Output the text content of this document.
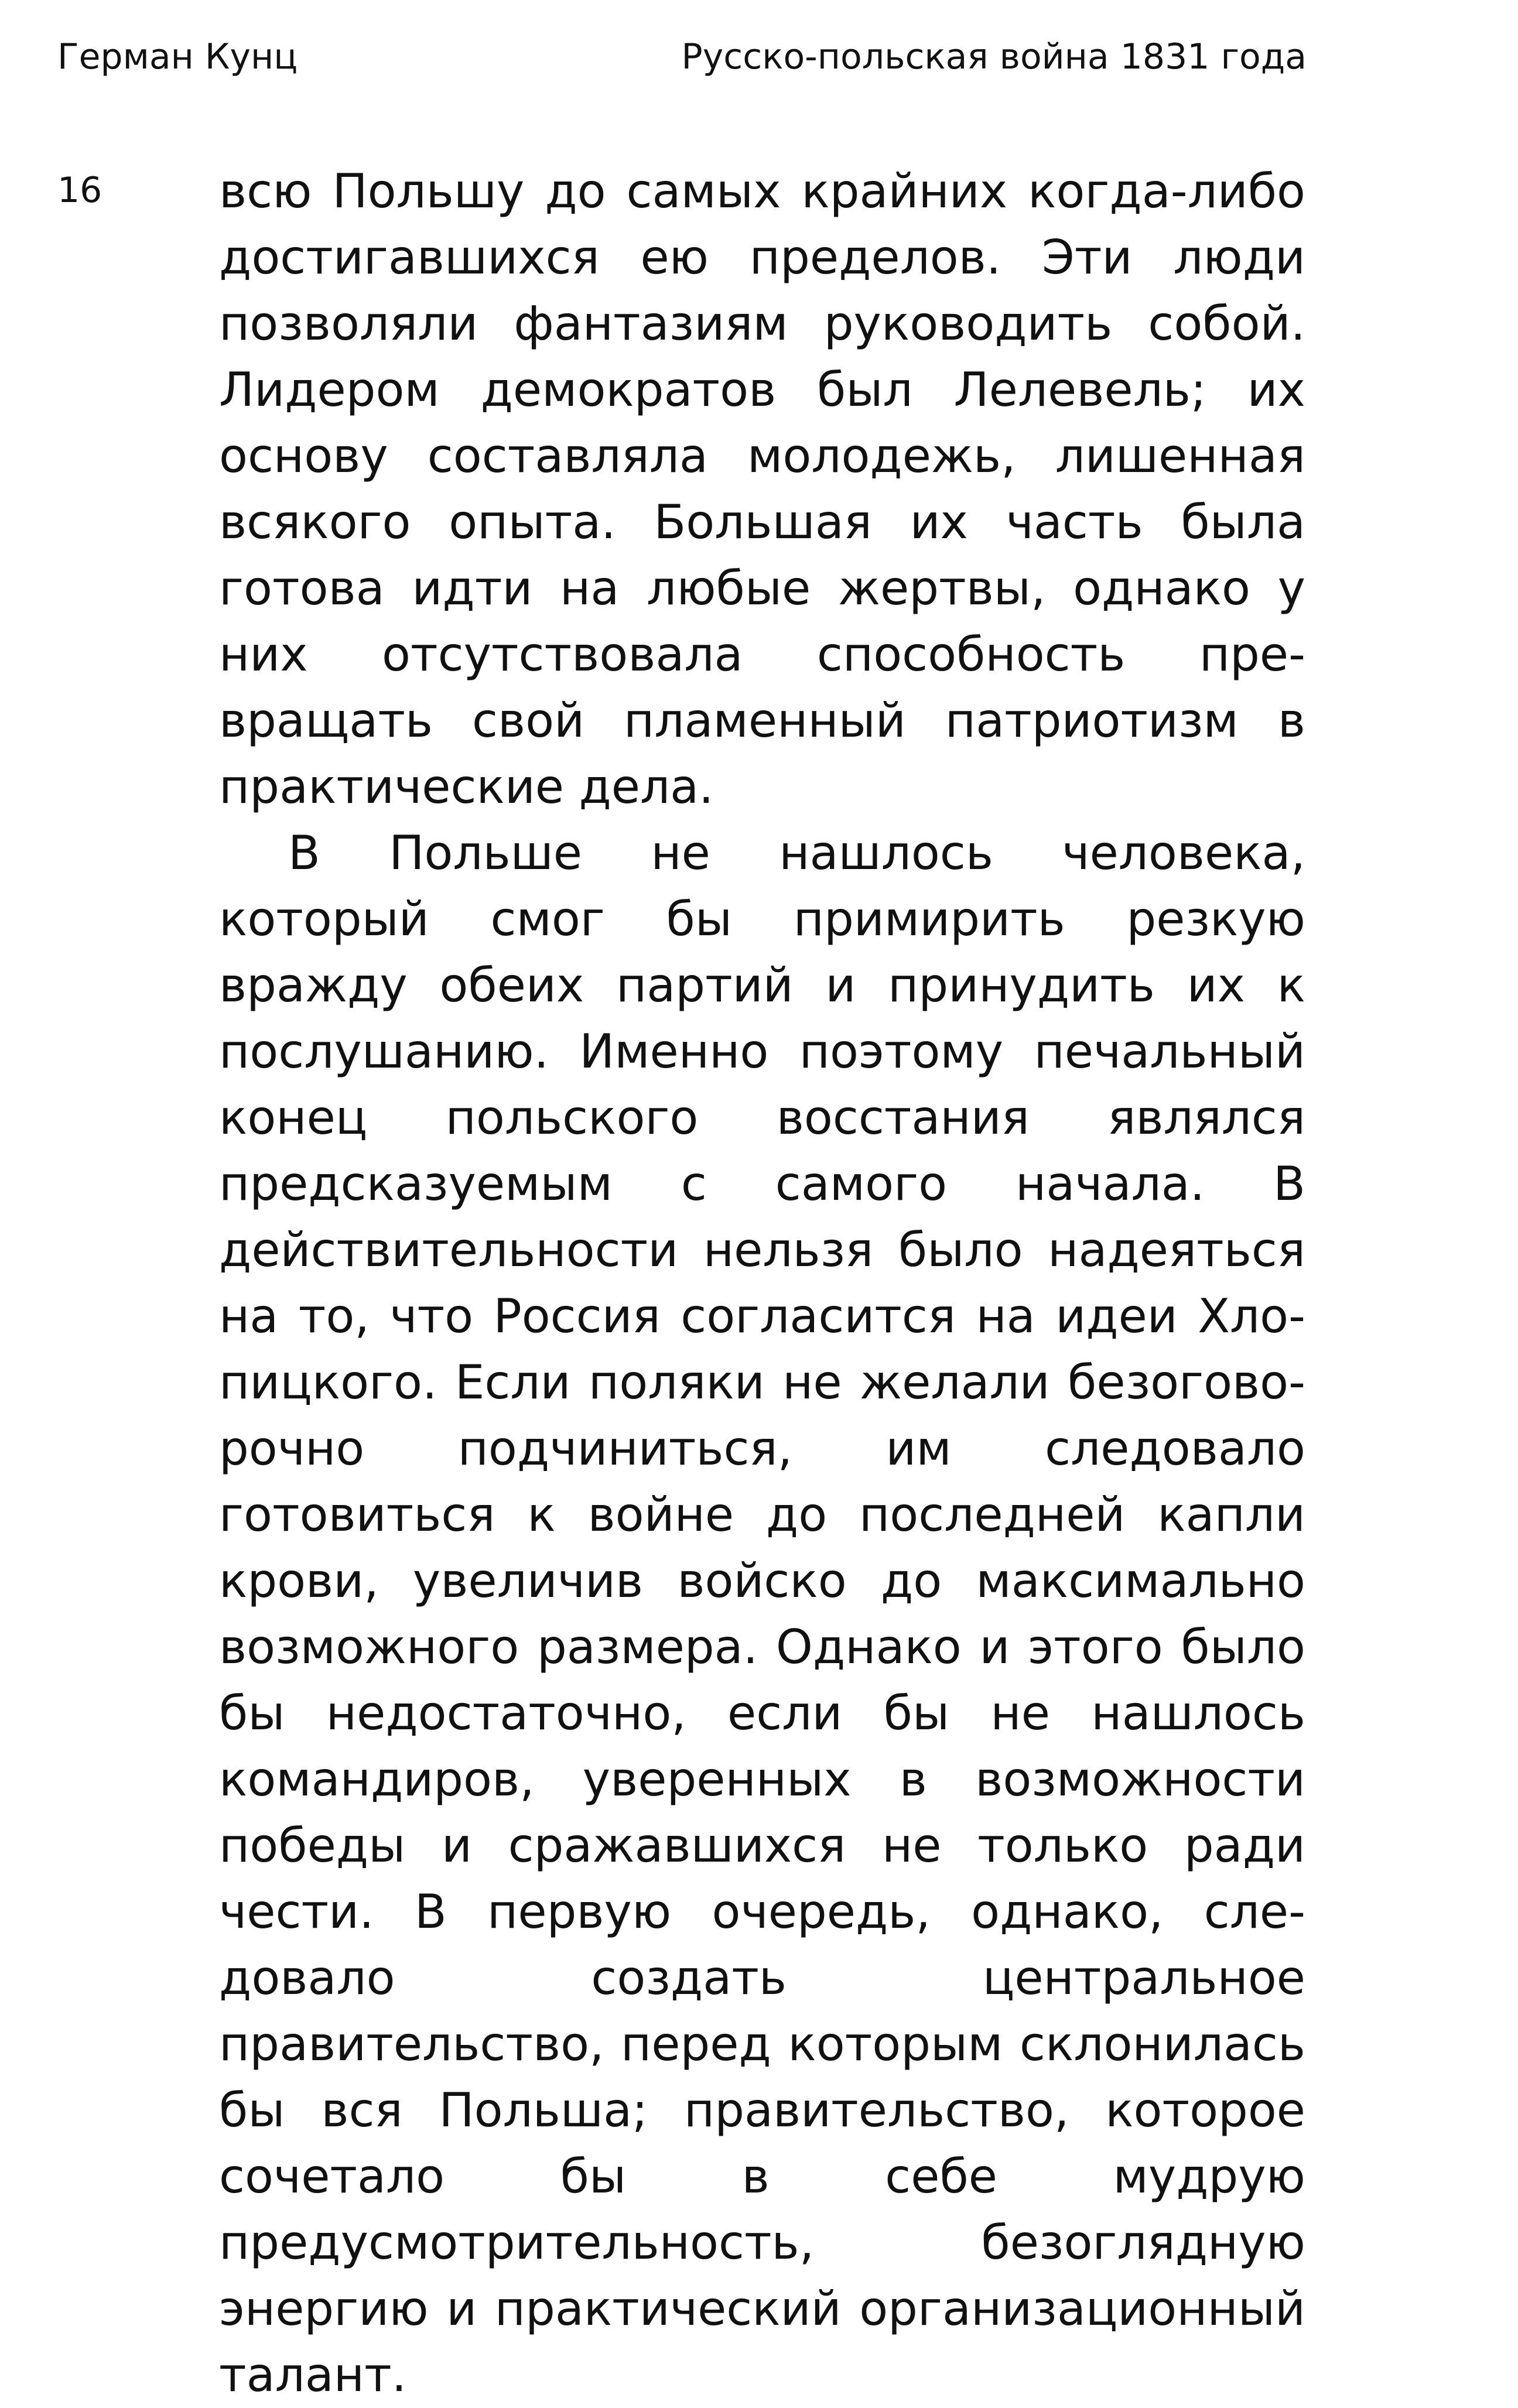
Герман Кунц	Русско-польская война 1831 года
16 всю Польшу до самых крайних когда-либо достигавшихся ею пределов. Эти люди позволяли фантазиям руководить собой. Лидером демократов был Лелевель; их основу составляла молодежь, лишенная всякого опыта. Большая их часть была готова идти на любые жертвы, однако у них отсутствовала способность превращать свой пламенный патриотизм в практические дела.

В Польше не нашлось человека, который смог бы примирить резкую вражду обеих партий и принудить их к послушанию. Именно поэтому печальный конец польского восстания являлся предсказуемым с самого начала. В действительности нельзя было надеяться на то, что Россия согласится на идеи Хлопицкого. Если поляки не желали безоговорочно подчиниться, им следовало готовиться к войне до последней капли крови, увеличив войско до максимально возможного размера. Однако и этого было бы недостаточно, если бы не нашлось командиров, уверенных в возможности победы и сражавшихся не только ради чести. В первую очередь, однако, следовало создать центральное правительство, перед которым склонилась бы вся Польша; правительство, которое сочетало бы в себе мудрую предусмотрительность, безоглядную энергию и практический организационный талант.
